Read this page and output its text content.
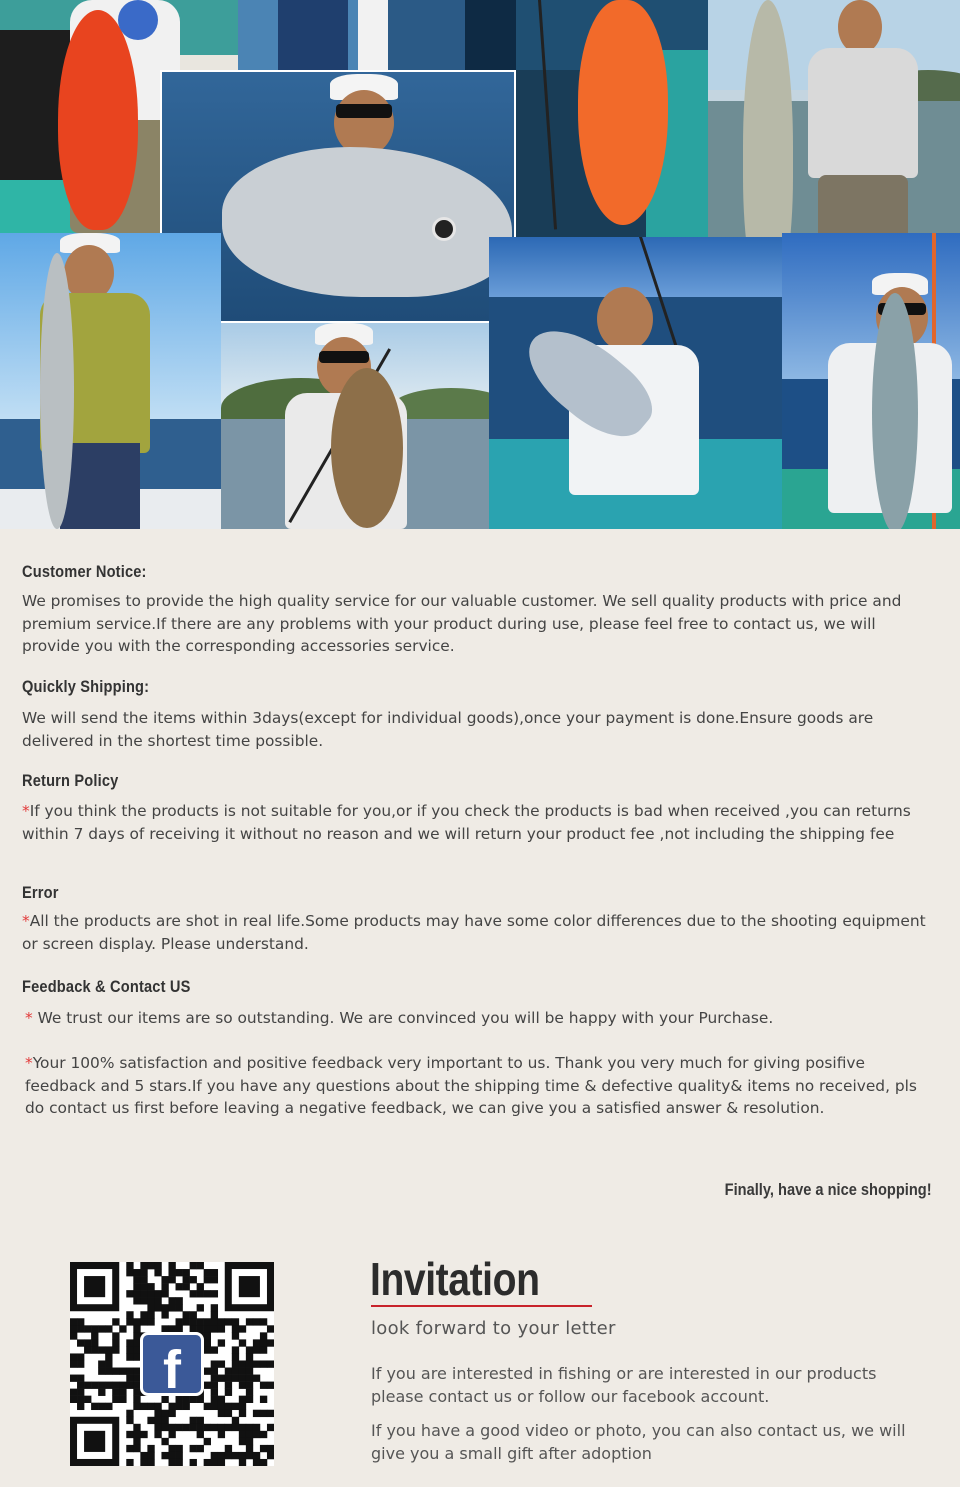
Customer Notice:
We promises to provide the high quality service for our valuable customer. We sell quality products with price and premium service.If there are any problems with your product during use, please feel free to contact us, we will provide you with the corresponding accessories service.
Quickly Shipping:
We will send the items within 3days(except for individual goods),once your payment is done.Ensure goods are delivered in the shortest time possible.
Return Policy
*If you think the products is not suitable for you,or if you check the products is bad when received ,you can returns within 7 days of receiving it without no reason and we will return your product fee ,not including the shipping fee
Error
*All the products are shot in real life.Some products may have some color differences due to the shooting equipment or screen display. Please understand.
Feedback & Contact US
* We trust our items are so outstanding. We are convinced you will be happy with your Purchase.
*Your 100% satisfaction and positive feedback very important to us. Thank you very much for giving posifive feedback and 5 stars.If you have any questions about the shipping time & defective quality& items no received, pls do contact us first before leaving a negative feedback, we can give you a satisfied answer & resolution.
Finally, have a nice shopping!
f
Invitation
look forward to your letter
If you are interested in fishing or are interested in our products please contact us or follow our facebook account.
If you have a good video or photo, you can also contact us, we will give you a small gift after adoption
